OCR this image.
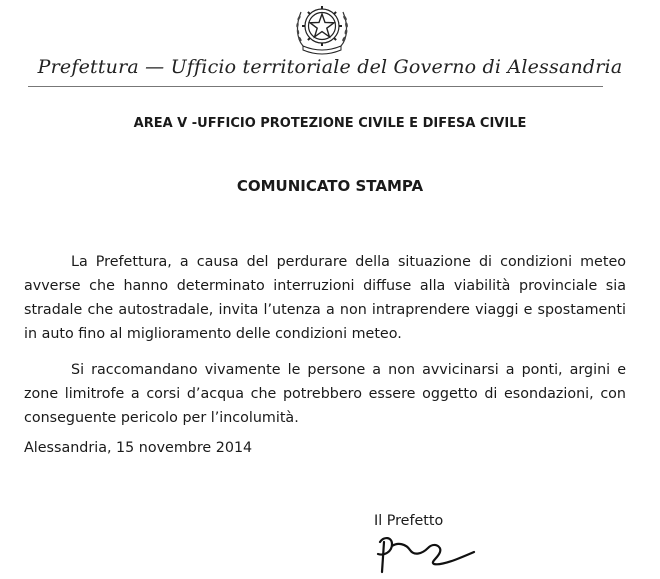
Prefettura — Ufficio territoriale del Governo di Alessandria
AREA V -UFFICIO PROTEZIONE CIVILE E DIFESA CIVILE
COMUNICATO STAMPA

La Prefettura, a causa del perdurare della situazione di condizioni meteo avverse che hanno determinato interruzioni diffuse alla viabilità provinciale sia stradale che autostradale, invita l’utenza a non intraprendere viaggi e spostamenti in auto fino al miglioramento delle condizioni meteo.

Si raccomandano vivamente le persone a non avvicinarsi a ponti, argini e zone limitrofe a corsi d’acqua che potrebbero essere oggetto di esondazioni, con conseguente pericolo per l’incolumità.

Alessandria, 15 novembre 2014
Il Prefetto
